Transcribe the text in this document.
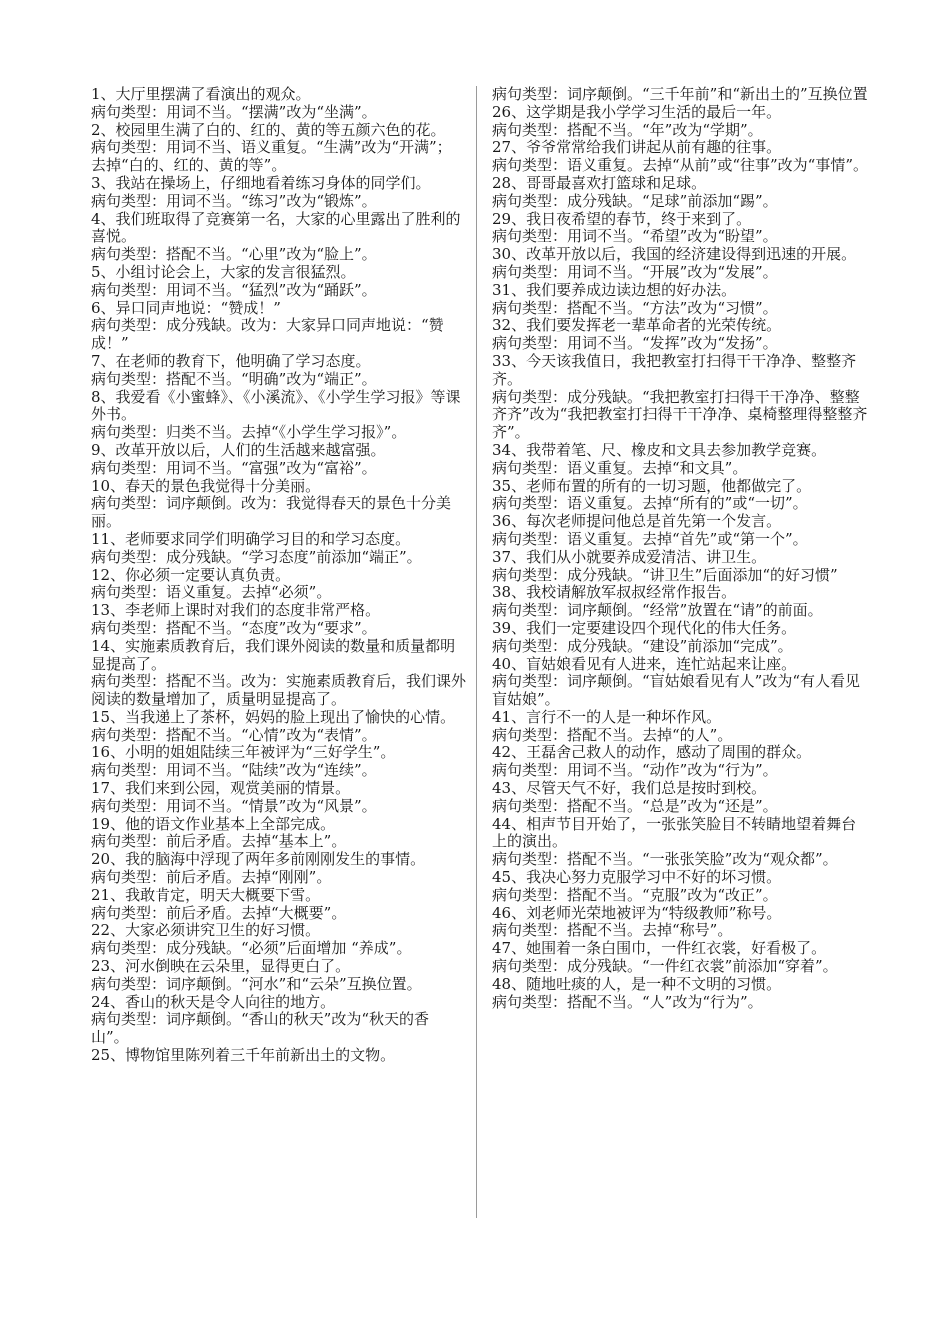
1、大厅里摆满了看演出的观众。

病句类型：用词不当。“摆满”改为“坐满”。

2、校园里生满了白的、红的、黄的等五颜六色的花。

病句类型：用词不当、语义重复。“生满”改为“开满”；去掉“白的、红的、黄的等”。

3、我站在操场上，仔细地看着练习身体的同学们。

病句类型：用词不当。“练习”改为“锻炼”。

4、我们班取得了竞赛第一名，大家的心里露出了胜利的喜悦。

病句类型：搭配不当。“心里”改为“脸上”。

5、小组讨论会上，大家的发言很猛烈。

病句类型：用词不当。“猛烈”改为“踊跃”。

6、异口同声地说：“赞成！”

病句类型：成分残缺。改为：大家异口同声地说：“赞成！”

7、在老师的教育下，他明确了学习态度。

病句类型：搭配不当。“明确”改为“端正”。

8、我爱看《小蜜蜂》、《小溪流》、《小学生学习报》等课外书。

病句类型：归类不当。去掉“《小学生学习报》”。

9、改革开放以后，人们的生活越来越富强。

病句类型：用词不当。“富强”改为“富裕”。

10、春天的景色我觉得十分美丽。

病句类型：词序颠倒。改为：我觉得春天的景色十分美丽。

11、老师要求同学们明确学习目的和学习态度。

病句类型：成分残缺。“学习态度”前添加“端正”。

12、你必须一定要认真负责。

病句类型：语义重复。去掉“必须”。

13、李老师上课时对我们的态度非常严格。

病句类型：搭配不当。“态度”改为“要求”。

14、实施素质教育后，我们课外阅读的数量和质量都明显提高了。

病句类型：搭配不当。改为：实施素质教育后，我们课外阅读的数量增加了，质量明显提高了。

15、当我递上了茶杯，妈妈的脸上现出了愉快的心情。

病句类型：搭配不当。“心情”改为“表情”。

16、小明的姐姐陆续三年被评为“三好学生”。

病句类型：用词不当。“陆续”改为“连续”。

17、我们来到公园，观赏美丽的情景。

病句类型：用词不当。“情景”改为“风景”。

19、他的语文作业基本上全部完成。

病句类型：前后矛盾。去掉“基本上”。

20、我的脑海中浮现了两年多前刚刚发生的事情。

病句类型：前后矛盾。去掉“刚刚”。

21、我敢肯定，明天大概要下雪。

病句类型：前后矛盾。去掉“大概要”。

22、大家必须讲究卫生的好习惯。

病句类型：成分残缺。“必须”后面增加 “养成”。

23、河水倒映在云朵里，显得更白了。

病句类型：词序颠倒。“河水”和“云朵”互换位置。

24、香山的秋天是令人向往的地方。

病句类型：词序颠倒。“香山的秋天”改为“秋天的香山”。

25、博物馆里陈列着三千年前新出土的文物。

病句类型：词序颠倒。“三千年前”和“新出土的”互换位置

26、这学期是我小学学习生活的最后一年。

病句类型：搭配不当。“年”改为“学期”。

27、爷爷常常给我们讲起从前有趣的往事。

病句类型：语义重复。去掉“从前”或“往事”改为“事情”。

28、哥哥最喜欢打篮球和足球。

病句类型：成分残缺。“足球”前添加“踢”。

29、我日夜希望的春节，终于来到了。

病句类型：用词不当。“希望”改为“盼望”。

30、改革开放以后，我国的经济建设得到迅速的开展。

病句类型：用词不当。“开展”改为“发展”。

31、我们要养成边读边想的好办法。

病句类型：搭配不当。“方法”改为“习惯”。

32、我们要发挥老一辈革命者的光荣传统。

病句类型：用词不当。“发挥”改为“发扬”。

33、今天该我值日，我把教室打扫得干干净净、整整齐齐。

病句类型：成分残缺。“我把教室打扫得干干净净、整整齐齐”改为“我把教室打扫得干干净净、桌椅整理得整整齐齐”。

34、我带着笔、尺、橡皮和文具去参加教学竞赛。

病句类型：语义重复。去掉“和文具”。

35、老师布置的所有的一切习题，他都做完了。

病句类型：语义重复。去掉“所有的”或“一切”。

36、每次老师提问他总是首先第一个发言。

病句类型：语义重复。去掉“首先”或“第一个”。

37、我们从小就要养成爱清洁、讲卫生。

病句类型：成分残缺。“讲卫生”后面添加“的好习惯”

38、我校请解放军叔叔经常作报告。

病句类型：词序颠倒。“经常”放置在“请”的前面。

39、我们一定要建设四个现代化的伟大任务。

病句类型：成分残缺。“建设”前添加“完成”。

40、盲姑娘看见有人进来，连忙站起来让座。

病句类型：词序颠倒。“盲姑娘看见有人”改为“有人看见盲姑娘”。

41、言行不一的人是一种坏作风。

病句类型：搭配不当。去掉“的人”。

42、王磊舍己救人的动作，感动了周围的群众。

病句类型：用词不当。“动作”改为“行为”。

43、尽管天气不好，我们总是按时到校。

病句类型：搭配不当。“总是”改为“还是”。

44、相声节目开始了，一张张笑脸目不转睛地望着舞台上的演出。

病句类型：搭配不当。“一张张笑脸”改为“观众都”。

45、我决心努力克服学习中不好的坏习惯。

病句类型：搭配不当。“克服”改为“改正”。

46、刘老师光荣地被评为“特级教师”称号。

病句类型：搭配不当。去掉“称号”。

47、她围着一条白围巾，一件红衣裳，好看极了。

病句类型：成分残缺。“一件红衣裳”前添加“穿着”。

48、随地吐痰的人，是一种不文明的习惯。

病句类型：搭配不当。“人”改为“行为”。
